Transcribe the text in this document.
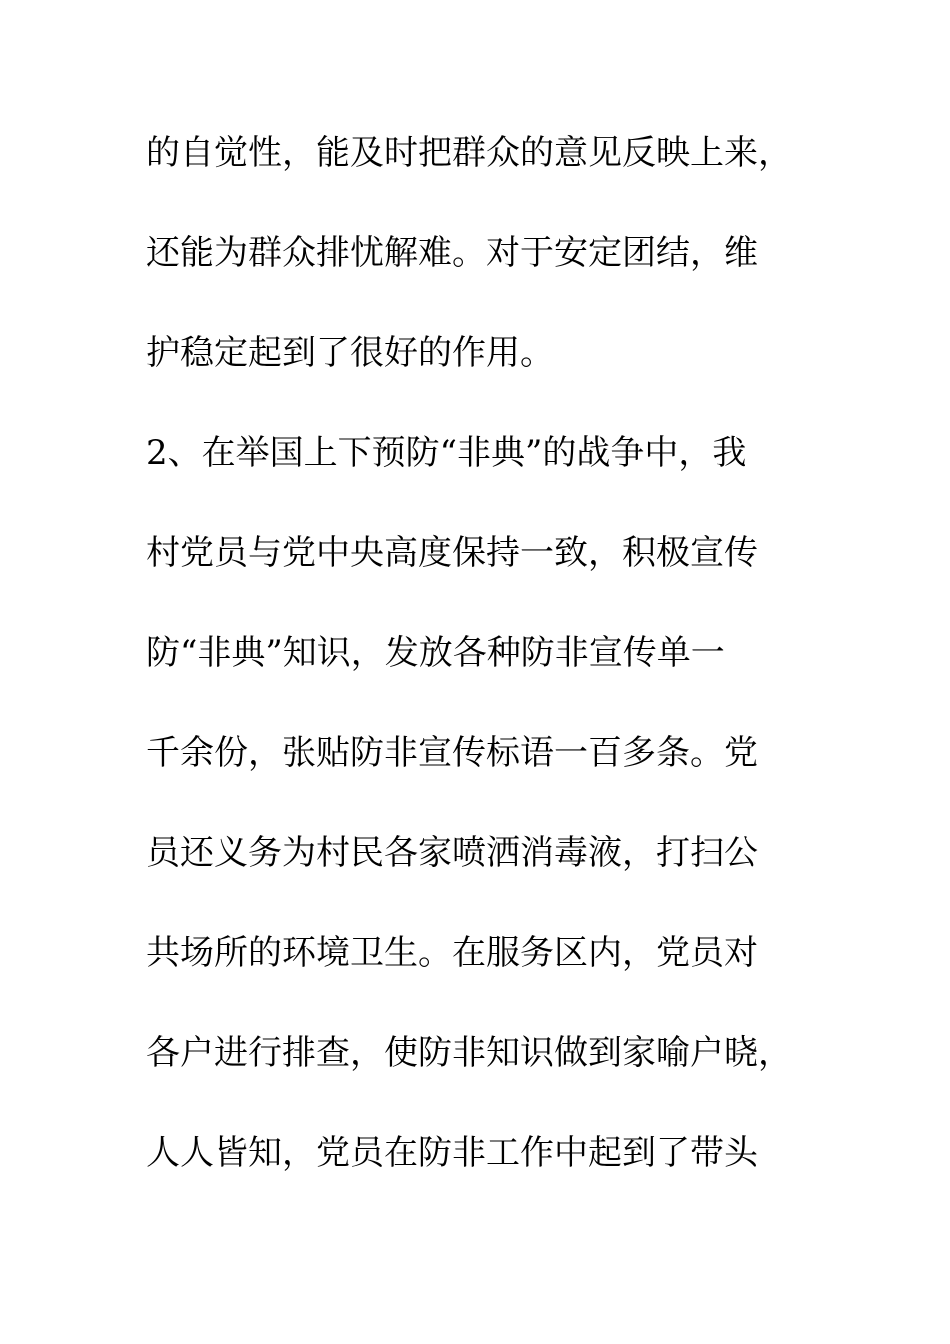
的自觉性，能及时把群众的意见反映上来，
还能为群众排忧解难。对于安定团结，维
护稳定起到了很好的作用。
2、在举国上下预防“非典”的战争中，我
村党员与党中央高度保持一致，积极宣传
防“非典”知识，发放各种防非宣传单一
千余份，张贴防非宣传标语一百多条。党
员还义务为村民各家喷洒消毒液，打扫公
共场所的环境卫生。在服务区内，党员对
各户进行排查，使防非知识做到家喻户晓，
人人皆知，党员在防非工作中起到了带头
